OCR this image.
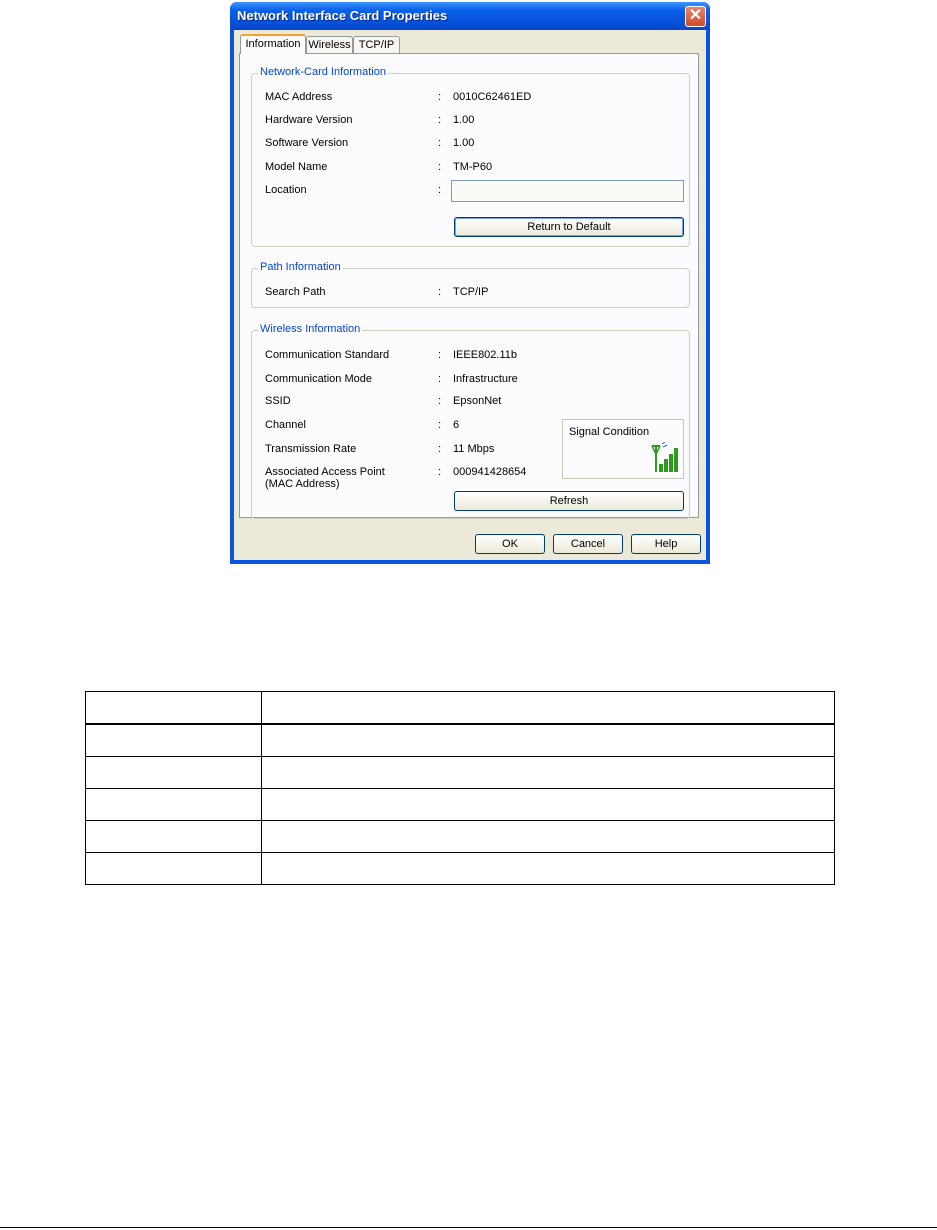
Network Interface Card Properties	✕
Information Wireless TCP/IP
Network-Card Information
MAC Address	: 0010C62461ED
Hardware Version	: 1.00
Software Version	: 1.00
Model Name	: TM-P60
Location	:
Return to Default
Path Information
Search Path	: TCP/IP
Wireless Information
Communication Standard	: IEEE802.11b
Communication Mode	: Infrastructure
SSID	: EpsonNet
Channel	: 6
Transmission Rate	: 11 Mbps
Associated Access Point
(MAC Address)
: 000941428654
Signal Condition
Refresh
OK	Cancel	Help
